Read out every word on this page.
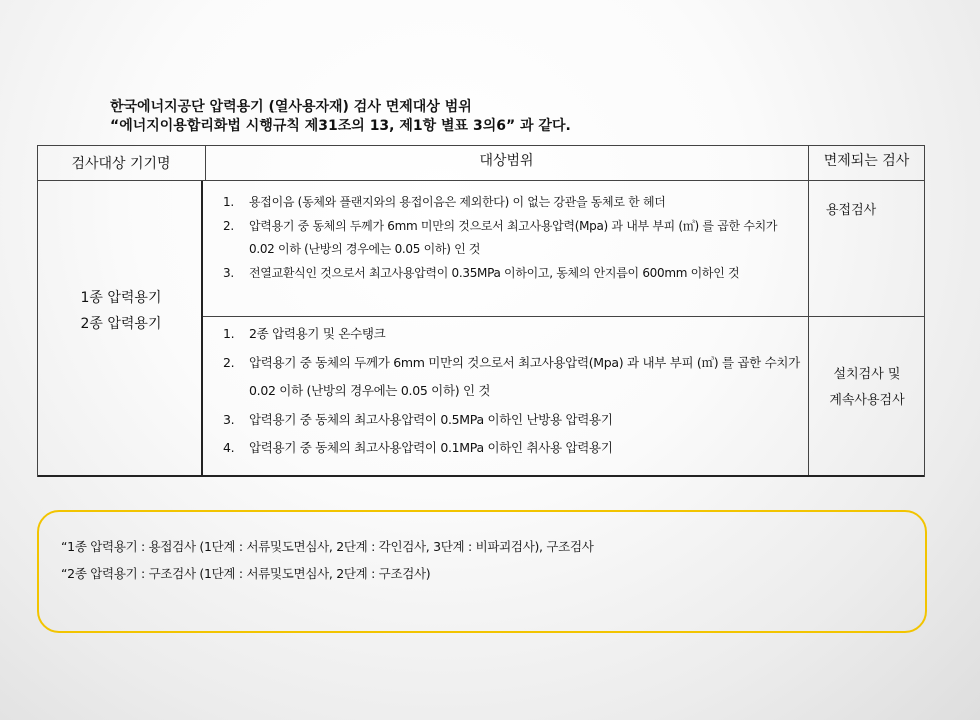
한국에너지공단 압력용기 (열사용자재) 검사 면제대상 범위
“에너지이용합리화법 시행규칙 제31조의 13, 제1항 별표 3의6” 과 같다.
검사대상 기기명	대상범위	면제되는 검사
1종 압력용기
2종 압력용기
1. 용접이음 (동체와 플랜지와의 용접이음은 제외한다) 이 없는 강관을 동체로 한 헤더
2. 압력용기 중 동체의 두께가 6mm 미만의 것으로서 최고사용압력(Mpa) 과 내부 부피 (㎥) 를 곱한 수치가 0.02 이하 (난방의 경우에는 0.05 이하) 인 것
3. 전열교환식인 것으로서 최고사용압력이 0.35MPa 이하이고, 동체의 안지름이 600mm 이하인 것
용접검사
1. 2종 압력용기 및 온수탱크
2. 압력용기 중 동체의 두께가 6mm 미만의 것으로서 최고사용압력(Mpa) 과 내부 부피 (㎥) 를 곱한 수치가 0.02 이하 (난방의 경우에는 0.05 이하) 인 것
3. 압력용기 중 동체의 최고사용압력이 0.5MPa 이하인 난방용 압력용기
4. 압력용기 중 동체의 최고사용압력이 0.1MPa 이하인 취사용 압력용기
설치검사 및
계속사용검사
“1종 압력용기 : 용접검사 (1단계 : 서류및도면심사, 2단계 : 각인검사, 3단계 : 비파괴검사), 구조검사
“2종 압력용기 : 구조검사 (1단계 : 서류및도면심사, 2단계 : 구조검사)
